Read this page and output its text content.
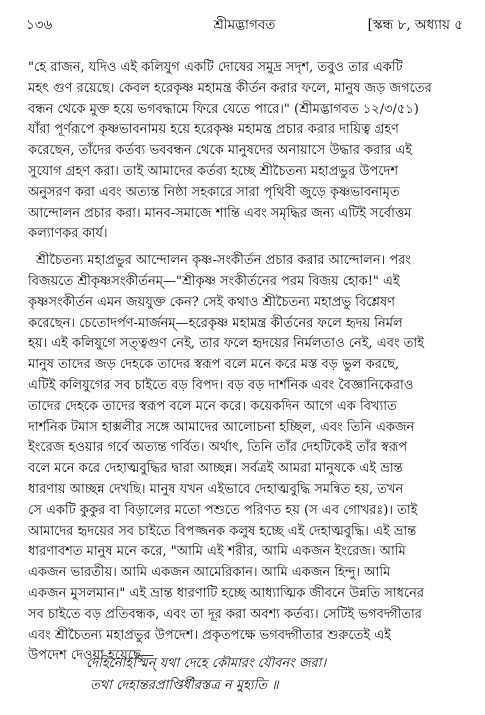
১৩৬	শ্রীমদ্ভাগবত	[স্কন্ধ ৮, অধ্যায় ৫
"হে রাজন, যদিও এই কলিযুগ একটি দোষের সমুদ্র সদৃশ, তবুও তার একটি
মহৎ গুণ রয়েছে। কেবল হরেকৃষ্ণ মহামন্ত্র কীর্তন করার ফলে, মানুষ জড় জগতের
বন্ধন থেকে মুক্ত হয়ে ভগবদ্ধামে ফিরে যেতে পারে।" (শ্রীমদ্ভাগবত ১২/৩/৫১)
যাঁরা পূর্ণরূপে কৃষ্ণভাবনাময় হয়ে হরেকৃষ্ণ মহামন্ত্র প্রচার করার দায়িত্ব গ্রহণ
করেছেন, তাঁদের কর্তব্য ভববন্ধন থেকে মানুষদের অনায়াসে উদ্ধার করার এই
সুযোগ গ্রহণ করা। তাই আমাদের কর্তব্য হচ্ছে শ্রীচৈতন্য মহাপ্রভুর উপদেশ
অনুসরণ করা এবং অত্যন্ত নিষ্ঠা সহকারে সারা পৃথিবী জুড়ে কৃষ্ণভাবনামৃত
আন্দোলন প্রচার করা। মানব-সমাজে শান্তি এবং সমৃদ্ধির জন্য এটিই সর্বোত্তম
কল্যাণকর কার্য।
শ্রীচৈতন্য মহাপ্রভুর আন্দোলন কৃষ্ণ-সংকীর্তন প্রচার করার আন্দোলন। পরং
বিজয়তে শ্রীকৃষ্ণসংকীর্তনম্—"শ্রীকৃষ্ণ সংকীর্তনের পরম বিজয় হোক!" এই
কৃষ্ণসংকীর্তন এমন জয়যুক্ত কেন? সেই কথাও শ্রীচৈতন্য মহাপ্রভু বিশ্লেষণ
করেছেন। চেতোদর্পণ-মার্জনম্—হরেকৃষ্ণ মহামন্ত্র কীর্তনের ফলে হৃদয় নির্মল
হয়। এই কলিযুগে সত্ত্বগুণ নেই, তার ফলে হৃদয়ের নির্মলতাও নেই, এবং তাই
মানুষ তাদের জড় দেহকে তাদের স্বরূপ বলে মনে করে মস্ত বড় ভুল করছে,
এটিই কলিযুগের সব চাইতে বড় বিপদ। বড় বড় দার্শনিক এবং বৈজ্ঞানিকেরাও
তাদের দেহকে তাদের স্বরূপ বলে মনে করে। কয়েকদিন আগে এক বিখ্যাত
দার্শনিক টমাস হাক্সলীর সঙ্গে আমাদের আলোচনা হচ্ছিল, এবং তিনি একজন
ইংরেজ হওয়ার গর্বে অত্যন্ত গর্বিত। অর্থাৎ, তিনি তাঁর দেহটিকেই তাঁর স্বরূপ
বলে মনে করে দেহাত্মবুদ্ধির দ্বারা আচ্ছন্ন। সর্বত্রই আমরা মানুষকে এই ভ্রান্ত
ধারণায় আচ্ছন্ন দেখছি। মানুষ যখন এইভাবে দেহাত্মবুদ্ধি সমন্বিত হয়, তখন
সে একটি কুকুর বা বিড়ালের মতো পশুতে পরিণত হয় (স এব গোখরঃ)। তাই
আমাদের হৃদয়ের সব চাইতে বিপজ্জনক কলুষ হচ্ছে এই দেহাত্মবুদ্ধি। এই ভ্রান্ত
ধারণাবশত মানুষ মনে করে, "আমি এই শরীর, আমি একজন ইংরেজ। আমি
একজন ভারতীয়। আমি একজন আমেরিকান। আমি একজন হিন্দু। আমি
একজন মুসলমান।" এই ভ্রান্ত ধারণাটি হচ্ছে আধ্যাত্মিক জীবনে উন্নতি সাধনের
সব চাইতে বড় প্রতিবন্ধক, এবং তা দূর করা অবশ্য কর্তব্য। সেটিই ভগবদ্গীতার
এবং শ্রীচৈতন্য মহাপ্রভুর উপদেশ। প্রকৃতপক্ষে ভগবদ্গীতার শুরুতেই এই
উপদেশ দেওয়া হয়েছে—
দেহিনোহস্মিন্ যথা দেহে কৌমারং যৌবনং জরা।
তথা দেহান্তরপ্রাপ্তির্ধীরস্তত্র ন মুহ্যতি ॥
